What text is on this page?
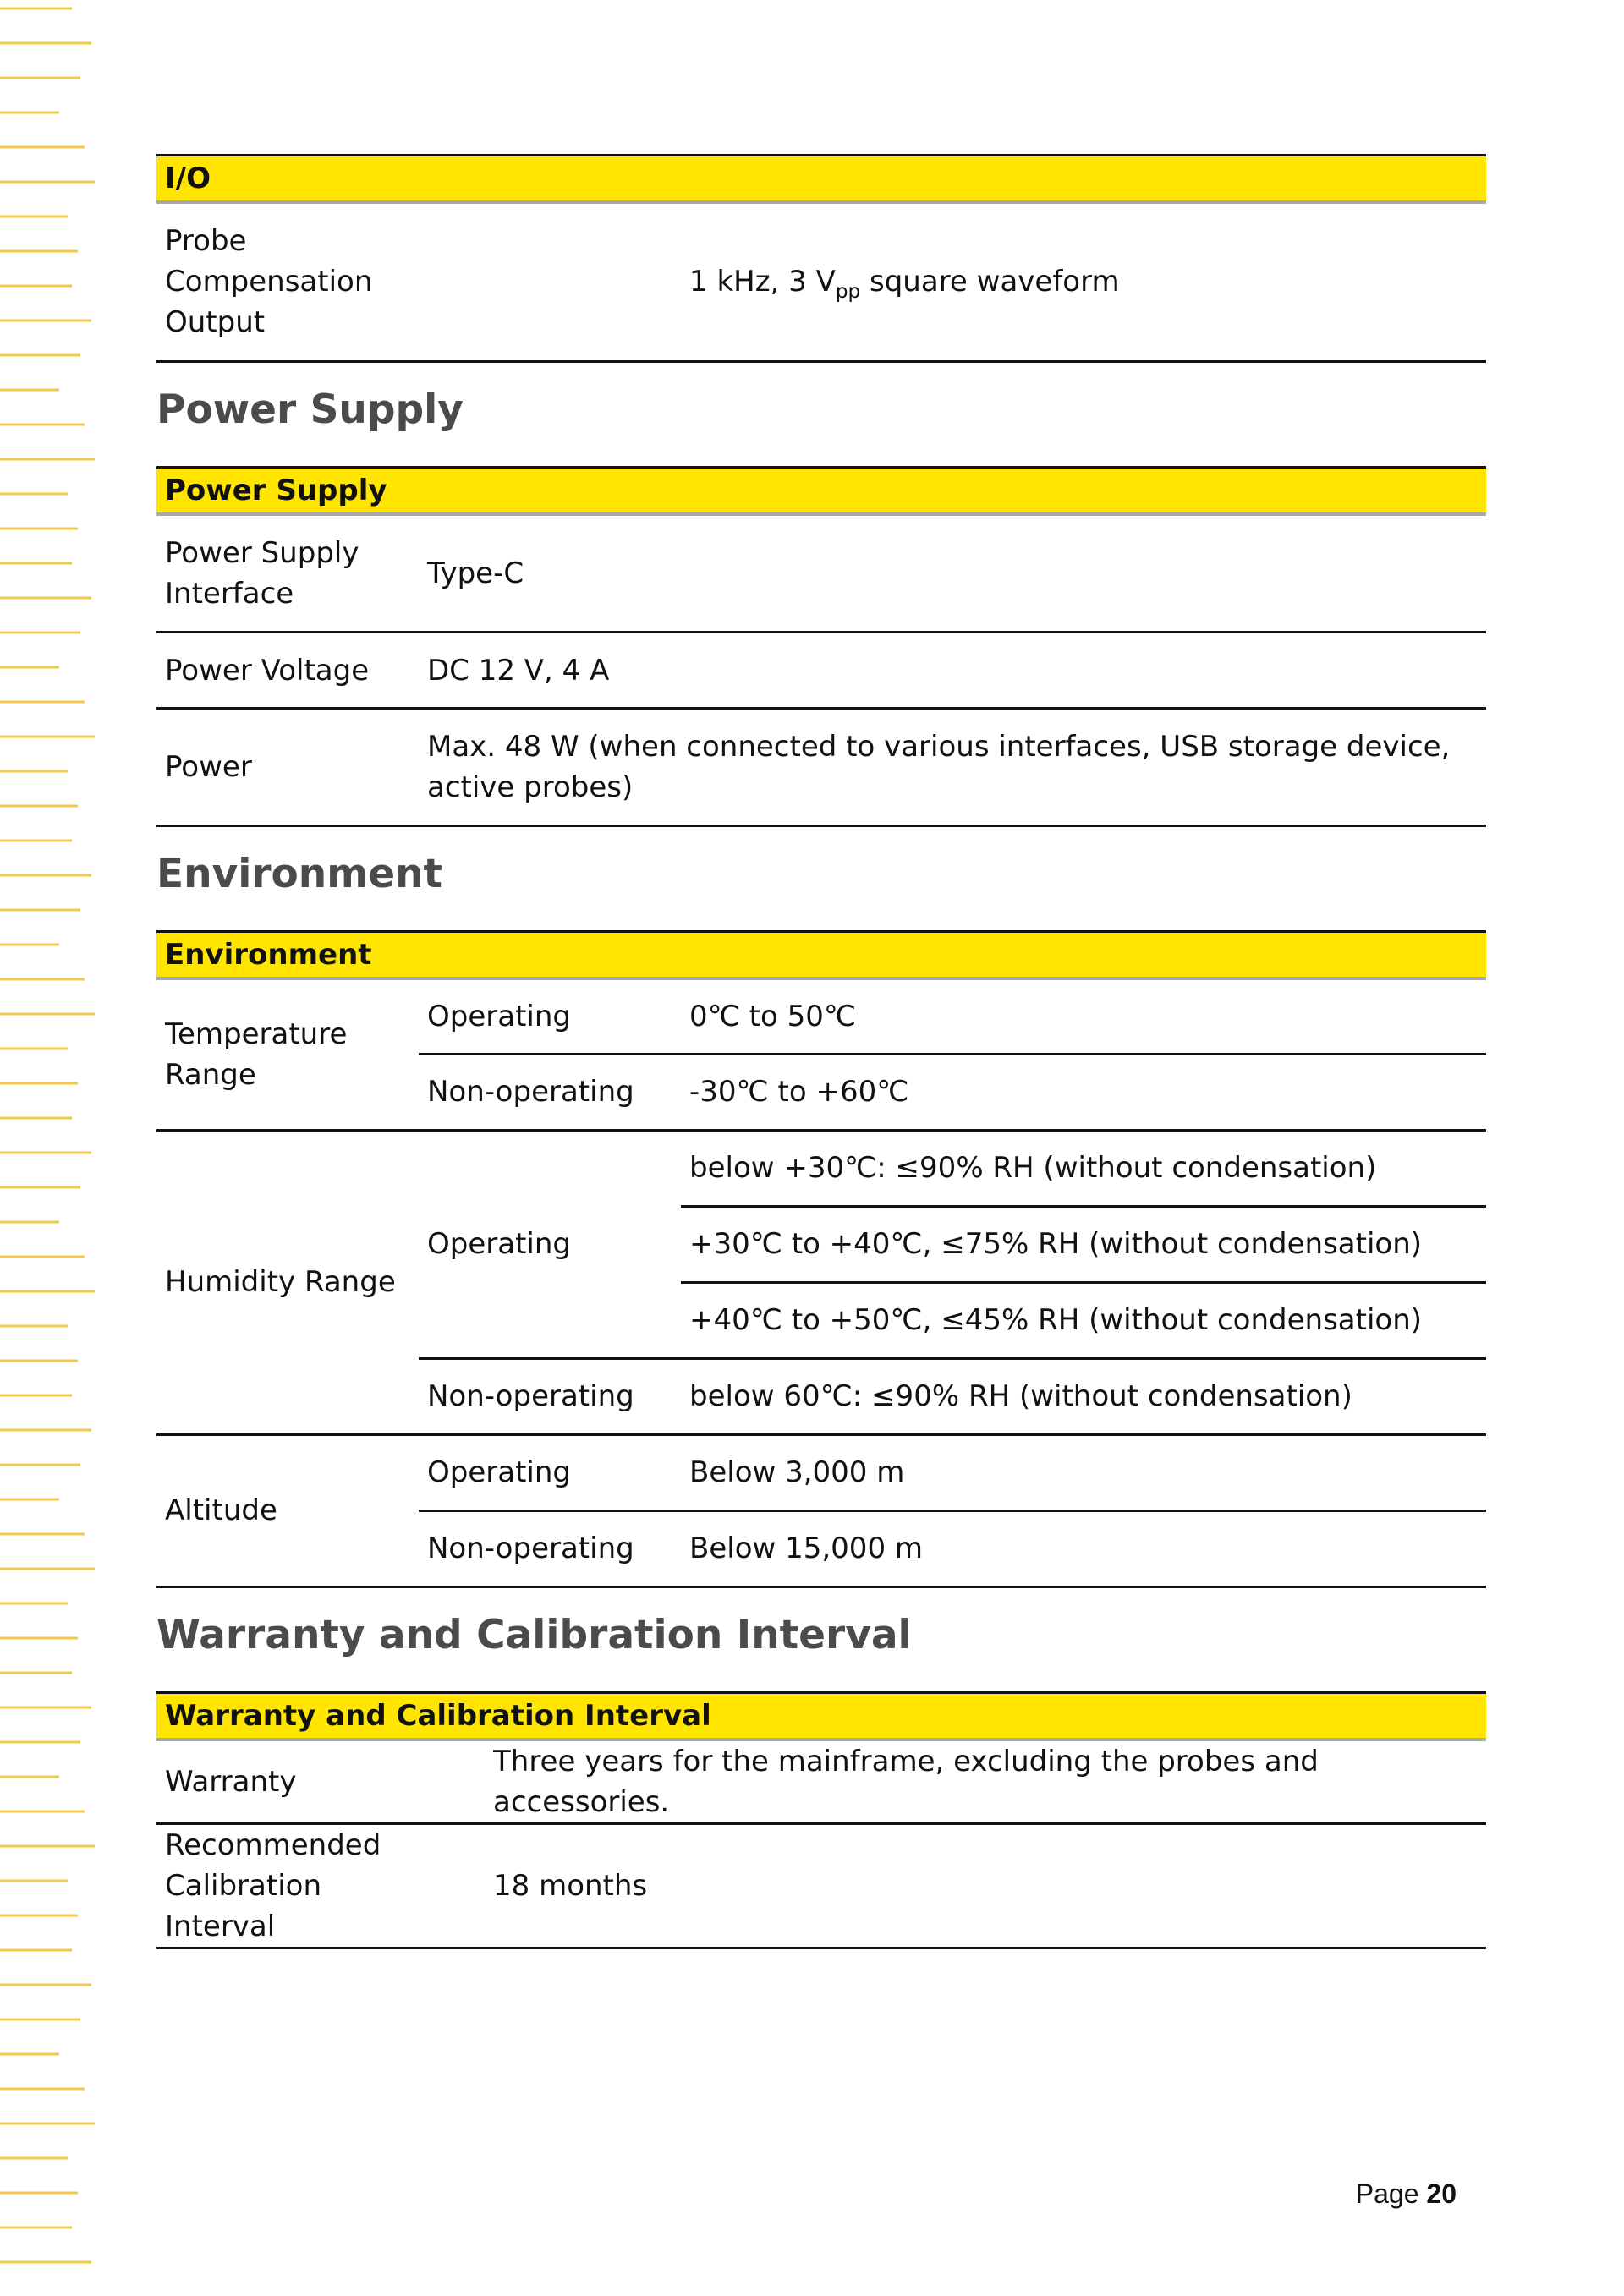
I/O

Probe Compensation Output
	1 kHz, 3 $V_{pp}$ square waveform
Power Supply
Power Supply	
Power Supply Interface	Type-C
Power Voltage	DC 12 V, 4 A
Power	Max. 48 W (when connected to various interfaces, USB storage device, active probes)
Environment
Environment		

Temperature Range	Operating	0℃ to 50℃
	Non-operating	-30℃ to +60℃
Humidity Range	Operating	below +30℃: ≤90% RH (without condensation)
		+30℃ to +40℃, ≤75% RH (without condensation)
		+40℃ to +50℃, ≤45% RH (without condensation)
	Non-operating	below 60℃: ≤90% RH (without condensation)
Altitude	Operating	Below 3,000 m
	Non-operating	Below 15,000 m
Warranty and Calibration Interval
Warranty and Calibration Interval	
Warranty	Three years for the mainframe, excluding the probes and accessories.

Recommended Calibration Interval	18 months
Page 20
